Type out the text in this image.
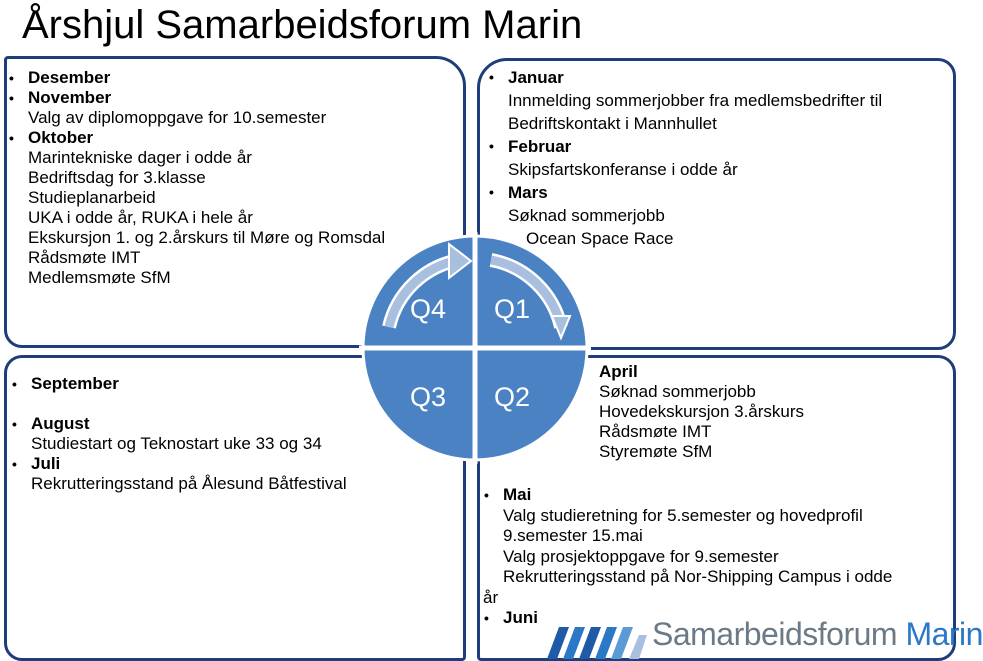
Årshjul Samarbeidsforum Marin
• Desember
• November
Valg av diplomoppgave for 10.semester
• Oktober
Marintekniske dager i odde år
Bedriftsdag for 3.klasse
Studieplanarbeid
UKA i odde år, RUKA i hele år
Ekskursjon 1. og 2.årskurs til Møre og Romsdal
Rådsmøte IMT
Medlemsmøte SfM
• Januar
Innmelding sommerjobber fra medlemsbedrifter til
Bedriftskontakt i Mannhullet
• Februar
Skipsfartskonferanse i odde år
• Mars
Søknad sommerjobb
Ocean Space Race
• September
• August
Studiestart og Teknostart uke 33 og 34
• Juli
Rekrutteringsstand på Ålesund Båtfestival
• April
Søknad sommerjobb
Hovedekskursjon 3.årskurs
Rådsmøte IMT
Styremøte SfM
• Mai
Valg studieretning for 5.semester og hovedprofil
9.semester 15.mai
Valg prosjektoppgave for 9.semester
Rekrutteringsstand på Nor-Shipping Campus i odde
år
• Juni
Q4 Q1
Q3 Q2
Samarbeidsforum Marin
